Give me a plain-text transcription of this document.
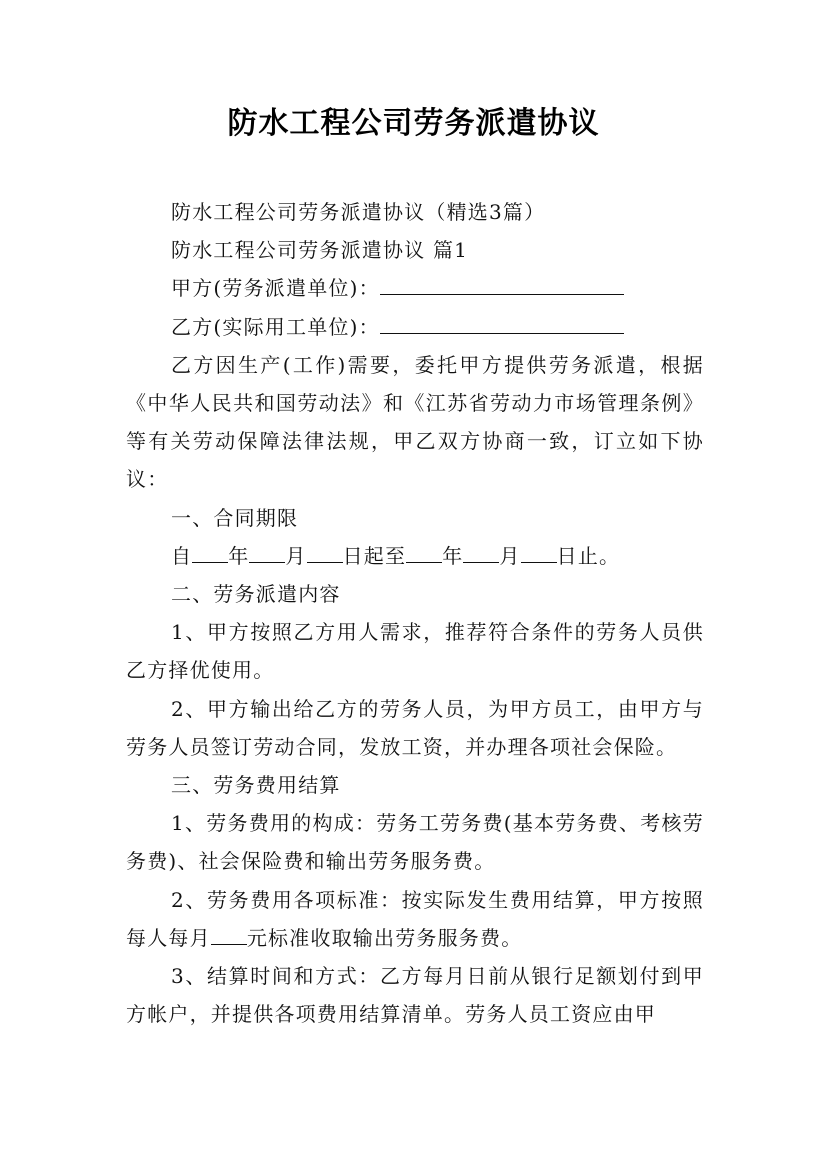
防水工程公司劳务派遣协议

防水工程公司劳务派遣协议（精选3篇）

防水工程公司劳务派遣协议 篇1

甲方(劳务派遣单位)：

乙方(实际用工单位)：

乙方因生产(工作)需要，委托甲方提供劳务派遣，根据《中华人民共和国劳动法》和《江苏省劳动力市场管理条例》等有关劳动保障法律法规，甲乙双方协商一致，订立如下协议：

一、合同期限

自 年 月 日起至 年 月 日止。

二、劳务派遣内容

1、甲方按照乙方用人需求，推荐符合条件的劳务人员供乙方择优使用。

2、甲方输出给乙方的劳务人员，为甲方员工，由甲方与劳务人员签订劳动合同，发放工资，并办理各项社会保险。

三、劳务费用结算

1、劳务费用的构成：劳务工劳务费(基本劳务费、考核劳务费)、社会保险费和输出劳务服务费。

2、劳务费用各项标准：按实际发生费用结算，甲方按照每人每月 元标准收取输出劳务服务费。

3、结算时间和方式：乙方每月日前从银行足额划付到甲方帐户，并提供各项费用结算清单。劳务人员工资应由甲
